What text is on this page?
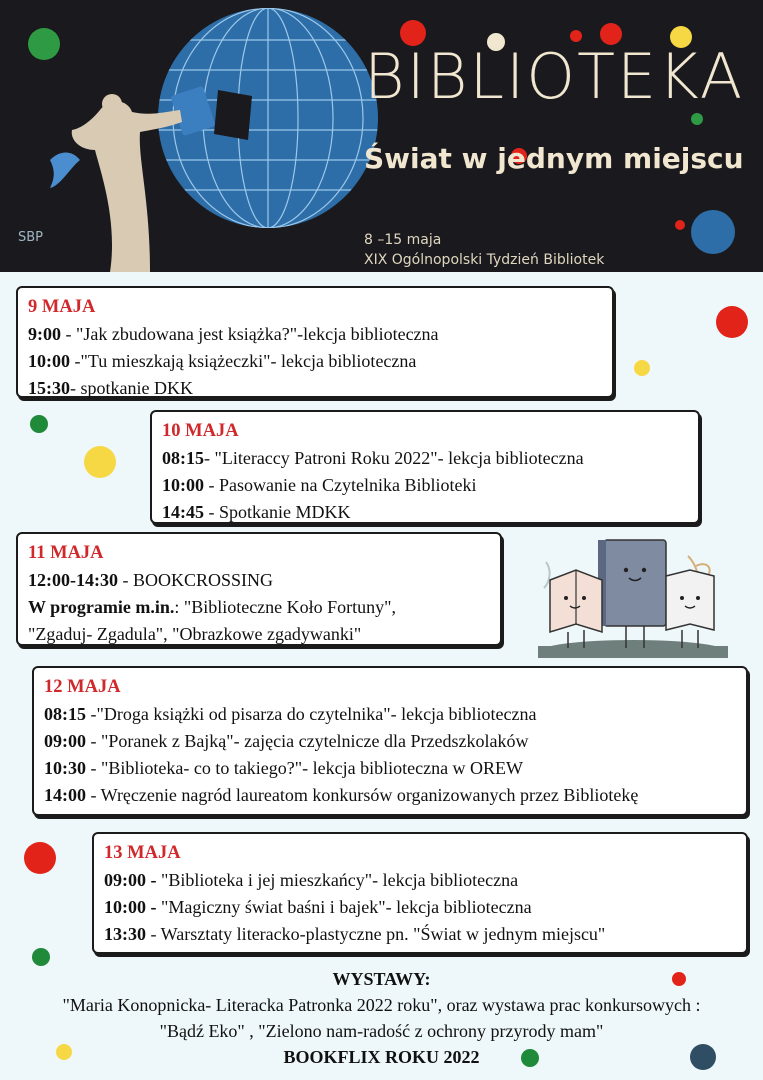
BIBLIOTEKA
Świat w jednym miejscu
8 –15 maja
XIX Ogólnopolski Tydzień Bibliotek
SBP
9 MAJA
9:00 - "Jak zbudowana jest książka?"-lekcja biblioteczna
10:00 -"Tu mieszkają książeczki"- lekcja biblioteczna
15:30- spotkanie DKK
10 MAJA
08:15- "Literaccy Patroni Roku 2022"- lekcja biblioteczna
10:00 - Pasowanie na Czytelnika Biblioteki
14:45 - Spotkanie MDKK
11 MAJA
12:00-14:30 - BOOKCROSSING
W programie m.in.: "Biblioteczne Koło Fortuny",
"Zgaduj- Zgadula", "Obrazkowe zgadywanki"
12 MAJA
08:15 -"Droga książki od pisarza do czytelnika"- lekcja biblioteczna
09:00 - "Poranek z Bajką"- zajęcia czytelnicze dla Przedszkolaków
10:30 - "Biblioteka- co to takiego?"- lekcja biblioteczna w OREW
14:00 - Wręczenie nagród laureatom konkursów organizowanych przez Bibliotekę
13 MAJA
09:00 - "Biblioteka i jej mieszkańcy"- lekcja biblioteczna
10:00 - "Magiczny świat baśni i bajek"- lekcja biblioteczna
13:30 - Warsztaty literacko-plastyczne pn. "Świat w jednym miejscu"
WYSTAWY:
"Maria Konopnicka- Literacka Patronka 2022 roku", oraz wystawa prac konkursowych :
"Bądź Eko" , "Zielono nam-radość z ochrony przyrody mam"
BOOKFLIX ROKU 2022
